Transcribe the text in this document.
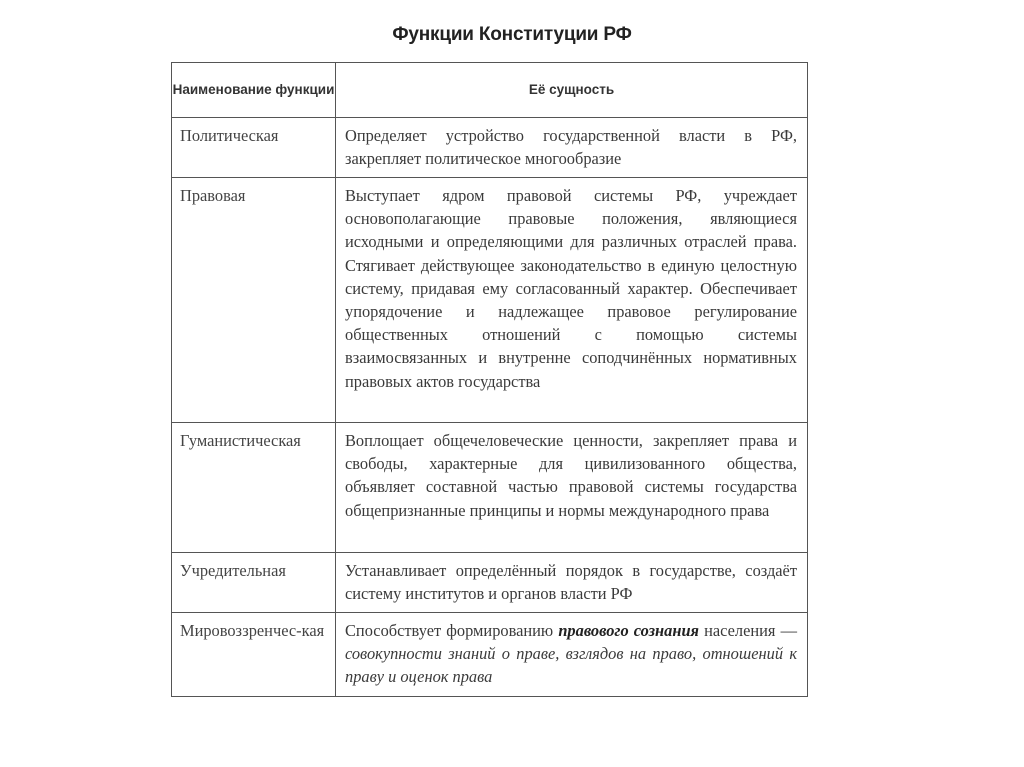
Функции Конституции РФ
Наименование функции	Её сущность
Политическая	Определяет устройство государственной власти в РФ, закрепляет политическое многообразие
Правовая	Выступает ядром правовой системы РФ, учреждает основополагающие правовые положения, являющиеся исходными и определяющими для различных отраслей права. Стягивает действующее законодательство в единую целостную систему, придавая ему согласованный характер. Обеспечивает упорядочение и надлежащее правовое регулирование общественных отношений с помощью системы взаимосвязанных и внутренне соподчинённых нормативных правовых актов государства
Гуманистическая	Воплощает общечеловеческие ценности, закрепляет права и свободы, характерные для цивилизованного общества, объявляет составной частью правовой системы государства общепризнанные принципы и нормы международного права
Учредительная	Устанавливает определённый порядок в государстве, создаёт систему институтов и органов власти РФ
Мировоззренчес-кая	Способствует формированию правового сознания населения — совокупности знаний о праве, взглядов на право, отношений к праву и оценок права
